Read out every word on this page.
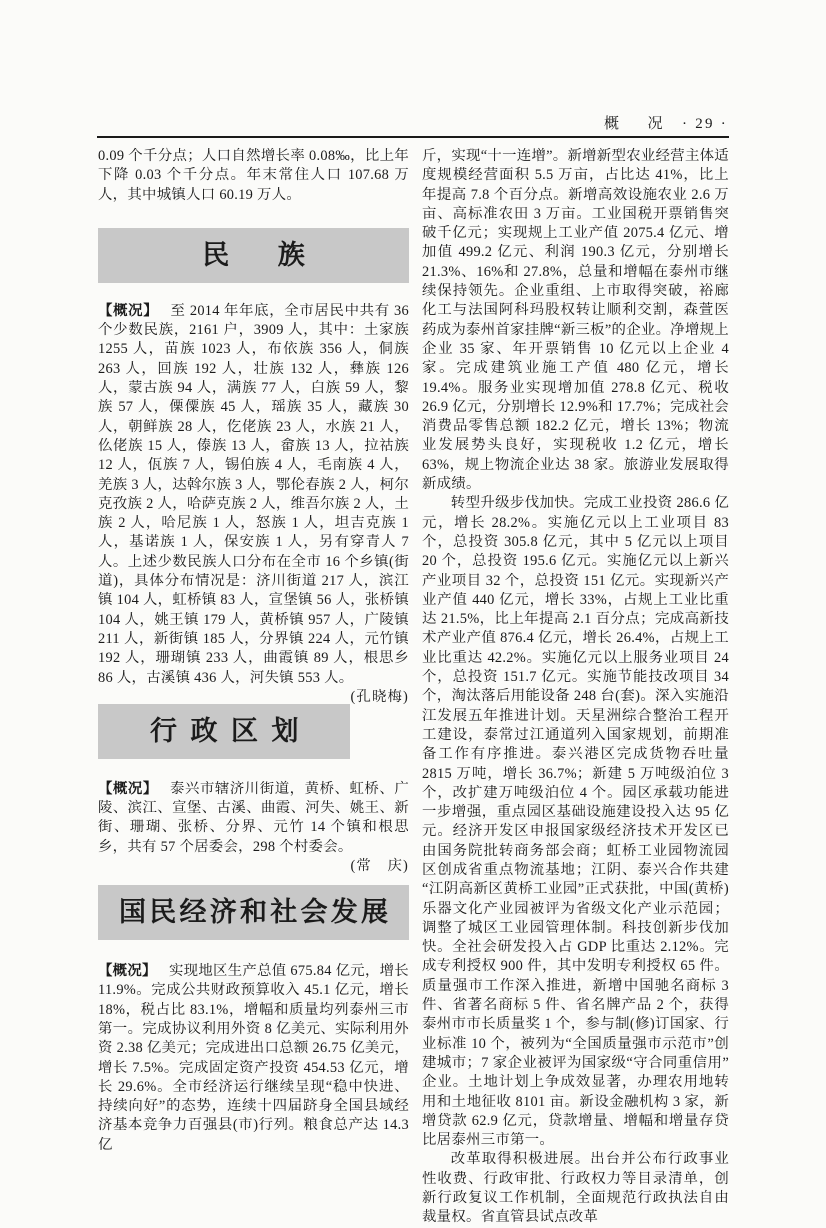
概　况 · 29 ·

0.09 个千分点；人口自然增长率 0.08‰，比上年下降 0.03 个千分点。年末常住人口 107.68 万人，其中城镇人口 60.19 万人。

民族

【概况】 至 2014 年年底，全市居民中共有 36 个少数民族，2161 户，3909 人，其中：土家族 1255 人，苗族 1023 人，布依族 356 人，侗族 263 人，回族 192 人，壮族 132 人，彝族 126 人，蒙古族 94 人，满族 77 人，白族 59 人，黎族 57 人，傈僳族 45 人，瑶族 35 人，藏族 30 人，朝鲜族 28 人，仡佬族 23 人，水族 21 人，仫佬族 15 人，傣族 13 人，畲族 13 人，拉祜族 12 人，佤族 7 人，锡伯族 4 人，毛南族 4 人，羌族 3 人，达斡尔族 3 人，鄂伦春族 2 人，柯尔克孜族 2 人，哈萨克族 2 人，维吾尔族 2 人，土族 2 人，哈尼族 1 人，怒族 1 人，坦吉克族 1 人，基诺族 1 人，保安族 1 人，另有穿青人 7 人。上述少数民族人口分布在全市 16 个乡镇(街道)，具体分布情况是：济川街道 217 人，滨江镇 104 人，虹桥镇 83 人，宣堡镇 56 人，张桥镇 104 人，姚王镇 179 人，黄桥镇 957 人，广陵镇 211 人，新街镇 185 人，分界镇 224 人，元竹镇 192 人，珊瑚镇 233 人，曲霞镇 89 人，根思乡 86 人，古溪镇 436 人，河失镇 553 人。
(孔晓梅)

行政区划

【概况】 泰兴市辖济川街道，黄桥、虹桥、广陵、滨江、宣堡、古溪、曲霞、河失、姚王、新街、珊瑚、张桥、分界、元竹 14 个镇和根思乡，共有 57 个居委会，298 个村委会。
(常　庆)

国民经济和社会发展

【概况】 实现地区生产总值 675.84 亿元，增长 11.9%。完成公共财政预算收入 45.1 亿元，增长 18%，税占比 83.1%，增幅和质量均列泰州三市第一。完成协议利用外资 8 亿美元、实际利用外资 2.38 亿美元；完成进出口总额 26.75 亿美元，增长 7.5%。完成固定资产投资 454.53 亿元，增长 29.6%。全市经济运行继续呈现“稳中快进、持续向好”的态势，连续十四届跻身全国县域经济基本竞争力百强县(市)行列。粮食总产达 14.3 亿

斤，实现“十一连增”。新增新型农业经营主体适度规模经营面积 5.5 万亩，占比达 41%，比上年提高 7.8 个百分点。新增高效设施农业 2.6 万亩、高标准农田 3 万亩。工业国税开票销售突破千亿元；实现规上工业产值 2075.4 亿元、增加值 499.2 亿元、利润 190.3 亿元，分别增长 21.3%、16%和 27.8%，总量和增幅在泰州市继续保持领先。企业重组、上市取得突破，裕廊化工与法国阿科玛股权转让顺利交割，森萱医药成为泰州首家挂牌“新三板”的企业。净增规上企业 35 家、年开票销售 10 亿元以上企业 4 家。完成建筑业施工产值 480 亿元，增长 19.4%。服务业实现增加值 278.8 亿元、税收 26.9 亿元，分别增长 12.9%和 17.7%；完成社会消费品零售总额 182.2 亿元，增长 13%；物流业发展势头良好，实现税收 1.2 亿元，增长 63%，规上物流企业达 38 家。旅游业发展取得新成绩。

转型升级步伐加快。完成工业投资 286.6 亿元，增长 28.2%。实施亿元以上工业项目 83 个，总投资 305.8 亿元，其中 5 亿元以上项目 20 个，总投资 195.6 亿元。实施亿元以上新兴产业项目 32 个，总投资 151 亿元。实现新兴产业产值 440 亿元，增长 33%，占规上工业比重达 21.5%，比上年提高 2.1 百分点；完成高新技术产业产值 876.4 亿元，增长 26.4%，占规上工业比重达 42.2%。实施亿元以上服务业项目 24 个，总投资 151.7 亿元。实施节能技改项目 34 个，淘汰落后用能设备 248 台(套)。深入实施沿江发展五年推进计划。天星洲综合整治工程开工建设，泰常过江通道列入国家规划，前期准备工作有序推进。泰兴港区完成货物吞吐量 2815 万吨，增长 36.7%；新建 5 万吨级泊位 3 个，改扩建万吨级泊位 4 个。园区承载功能进一步增强，重点园区基础设施建设投入达 95 亿元。经济开发区申报国家级经济技术开发区已由国务院批转商务部会商；虹桥工业园物流园区创成省重点物流基地；江阴、泰兴合作共建“江阴高新区黄桥工业园”正式获批，中国(黄桥)乐器文化产业园被评为省级文化产业示范园；调整了城区工业园管理体制。科技创新步伐加快。全社会研发投入占 GDP 比重达 2.12%。完成专利授权 900 件，其中发明专利授权 65 件。质量强市工作深入推进，新增中国驰名商标 3 件、省著名商标 5 件、省名牌产品 2 个，获得泰州市市长质量奖 1 个，参与制(修)订国家、行业标准 10 个，被列为“全国质量强市示范市”创建城市；7 家企业被评为国家级“守合同重信用”企业。土地计划上争成效显著，办理农用地转用和土地征收 8101 亩。新设金融机构 3 家，新增贷款 62.9 亿元，贷款增量、增幅和增量存贷比居泰州三市第一。

改革取得积极进展。出台并公布行政事业性收费、行政审批、行政权力等目录清单，创新行政复议工作机制，全面规范行政执法自由裁量权。省直管县试点改革
